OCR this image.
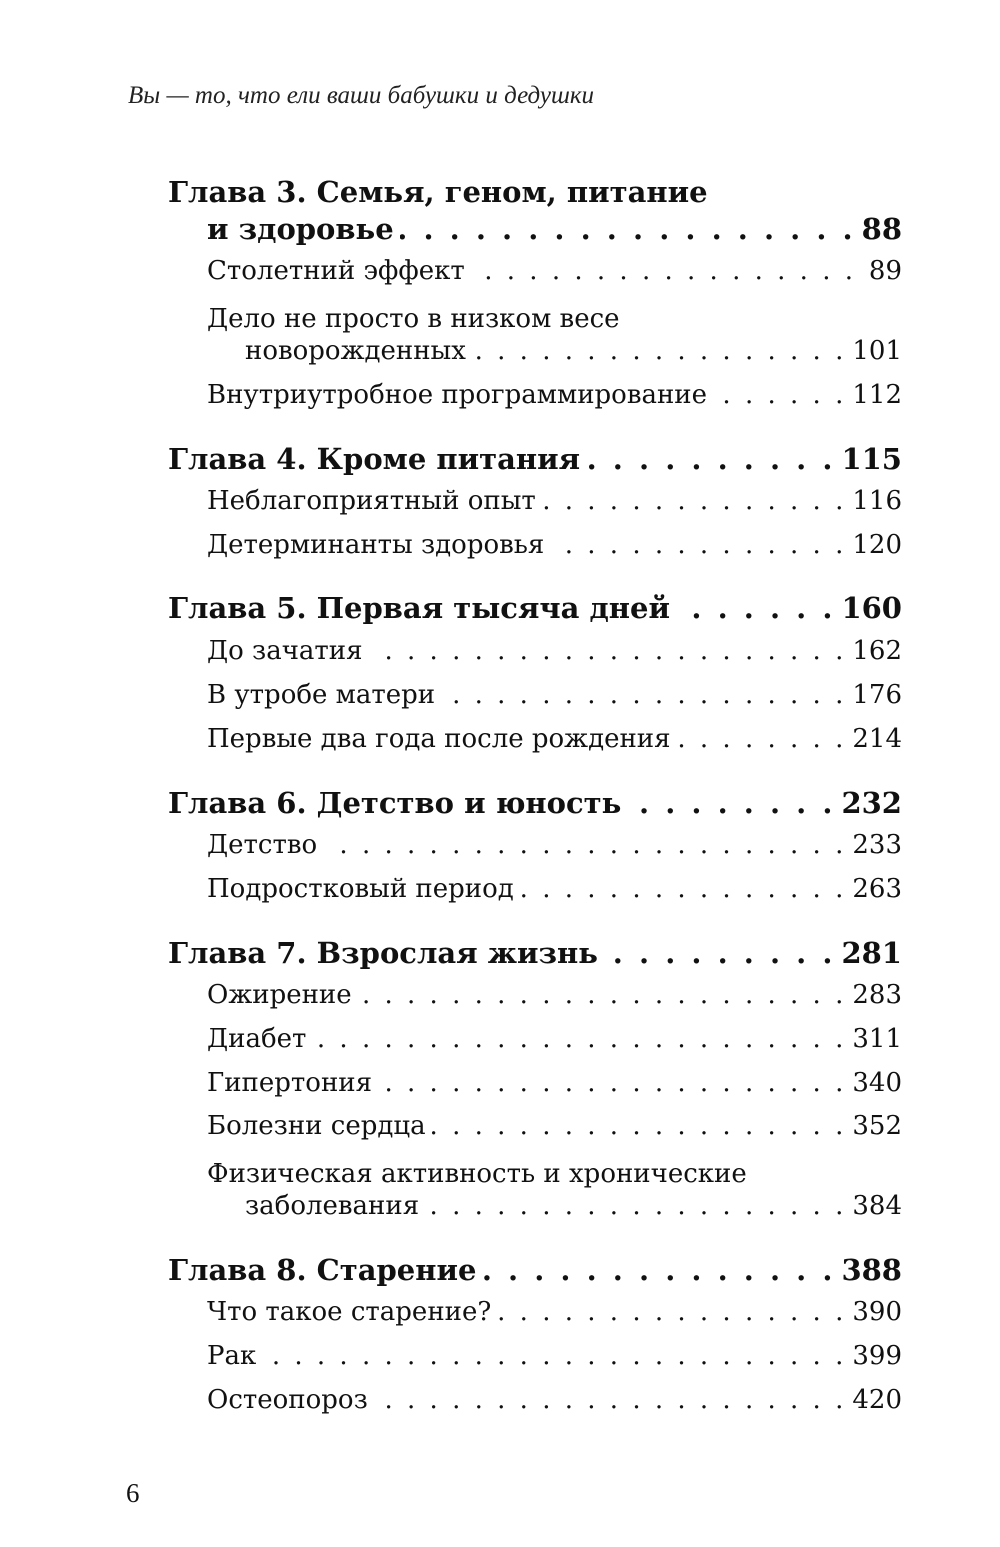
Вы — то, что ели ваши бабушки и дедушки
Глава 3. Семья, геном, питание
и здоровье . . .	88
Столетний эффект . . .	89
Дело не просто в низком весе
новорожденных . . .	101
Внутриутробное программирование . . .	112
Глава 4. Кроме питания . . .	115
Неблагоприятный опыт . . .	116
Детерминанты здоровья . . .	120
Глава 5. Первая тысяча дней . . .	160
До зачатия . . .	162
В утробе матери . . .	176
Первые два года после рождения . . .	214
Глава 6. Детство и юность . . .	232
Детство . . .	233
Подростковый период . . .	263
Глава 7. Взрослая жизнь . . .	281
Ожирение . . .	283
Диабет . . .	311
Гипертония . . .	340
Болезни сердца . . .	352
Физическая активность и хронические
заболевания . . .	384
Глава 8. Старение . . .	388
Что такое старение? . . .	390
Рак . . .	399
Остеопороз . . .	420
6
